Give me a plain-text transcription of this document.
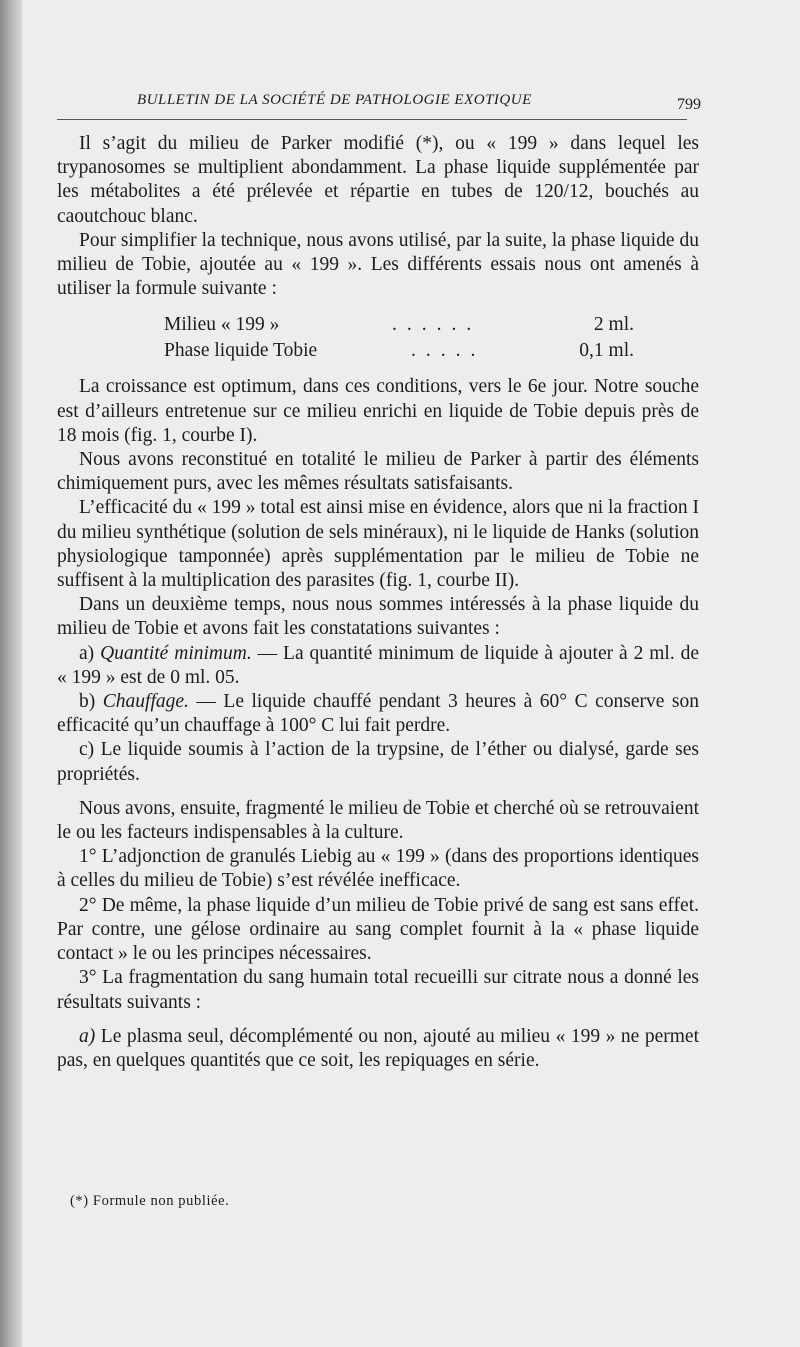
BULLETIN DE LA SOCIÉTÉ DE PATHOLOGIE EXOTIQUE	799

Il s’agit du milieu de Parker modifié (*), ou « 199 » dans lequel les trypanosomes se multiplient abondamment. La phase liquide supplémentée par les métabolites a été prélevée et répartie en tubes de 120/12, bouchés au caoutchouc blanc.

Pour simplifier la technique, nous avons utilisé, par la suite, la phase liquide du milieu de Tobie, ajoutée au « 199 ». Les différents essais nous ont amenés à utiliser la formule suivante :

Milieu « 199 »	......	2 ml.
Phase liquide Tobie	.....	0,1 ml.

La croissance est optimum, dans ces conditions, vers le 6e jour. Notre souche est d’ailleurs entretenue sur ce milieu enrichi en liquide de Tobie depuis près de 18 mois (fig. 1, courbe I).

Nous avons reconstitué en totalité le milieu de Parker à partir des éléments chimiquement purs, avec les mêmes résultats satisfaisants.

L’efficacité du « 199 » total est ainsi mise en évidence, alors que ni la fraction I du milieu synthétique (solution de sels minéraux), ni le liquide de Hanks (solution physiologique tamponnée) après supplémentation par le milieu de Tobie ne suffisent à la multiplication des parasites (fig. 1, courbe II).

Dans un deuxième temps, nous nous sommes intéressés à la phase liquide du milieu de Tobie et avons fait les constatations suivantes :

a) Quantité minimum. — La quantité minimum de liquide à ajouter à 2 ml. de « 199 » est de 0 ml. 05.

b) Chauffage. — Le liquide chauffé pendant 3 heures à 60° C conserve son efficacité qu’un chauffage à 100° C lui fait perdre.

c) Le liquide soumis à l’action de la trypsine, de l’éther ou dialysé, garde ses propriétés.

Nous avons, ensuite, fragmenté le milieu de Tobie et cherché où se retrouvaient le ou les facteurs indispensables à la culture.

1° L’adjonction de granulés Liebig au « 199 » (dans des proportions identiques à celles du milieu de Tobie) s’est révélée inefficace.

2° De même, la phase liquide d’un milieu de Tobie privé de sang est sans effet. Par contre, une gélose ordinaire au sang complet fournit à la « phase liquide contact » le ou les principes nécessaires.

3° La fragmentation du sang humain total recueilli sur citrate nous a donné les résultats suivants :

a) Le plasma seul, décomplémenté ou non, ajouté au milieu « 199 » ne permet pas, en quelques quantités que ce soit, les repiquages en série.

(*) Formule non publiée.
